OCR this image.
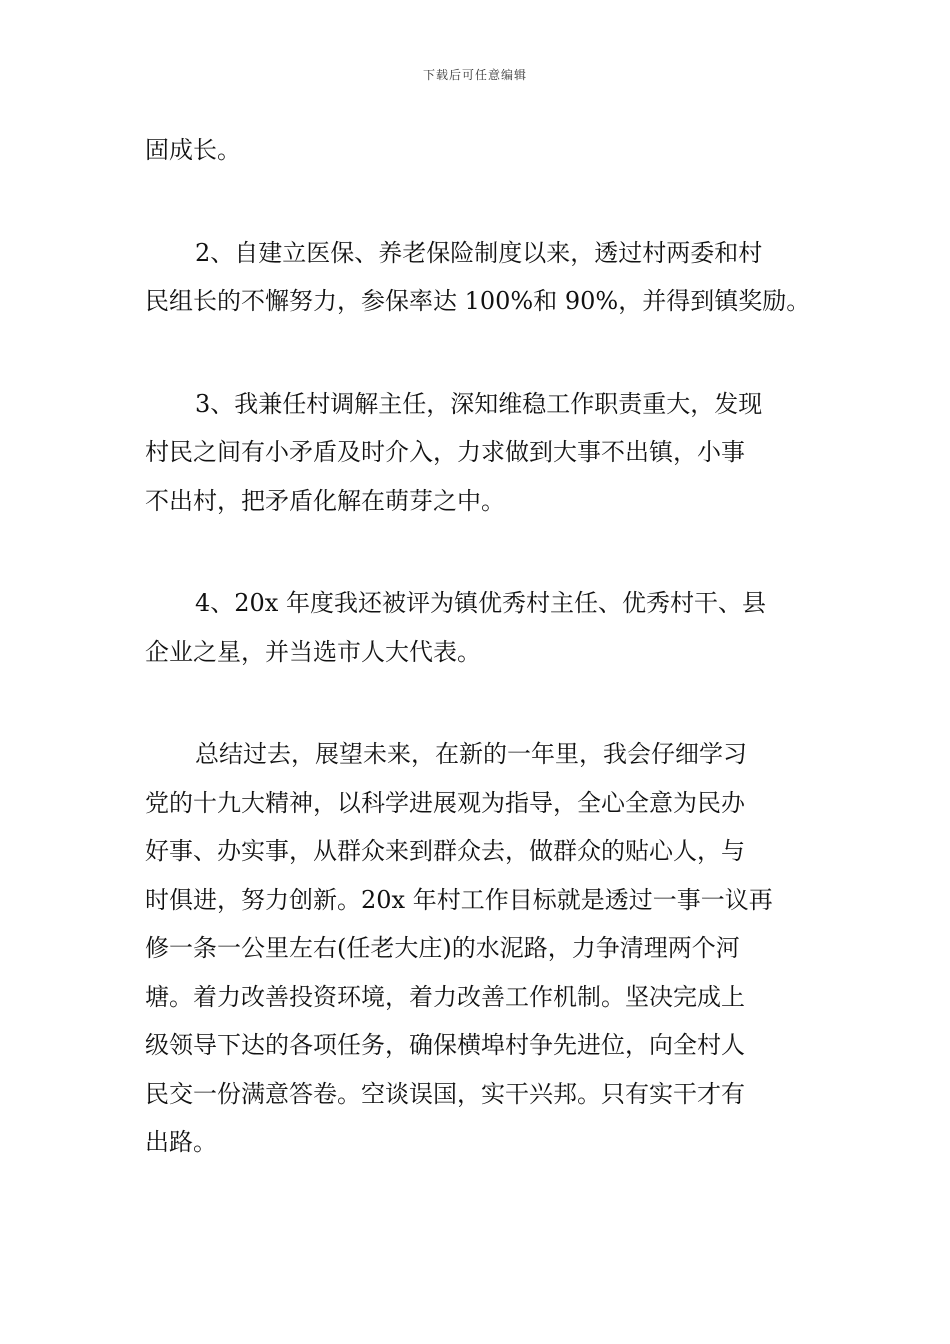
下载后可任意编辑

固成长。

2、自建立医保、养老保险制度以来，透过村两委和村
民组长的不懈努力，参保率达 100%和 90%，并得到镇奖励。

3、我兼任村调解主任，深知维稳工作职责重大，发现
村民之间有小矛盾及时介入，力求做到大事不出镇，小事
不出村，把矛盾化解在萌芽之中。

4、20x 年度我还被评为镇优秀村主任、优秀村干、县
企业之星，并当选市人大代表。

总结过去，展望未来，在新的一年里，我会仔细学习
党的十九大精神，以科学进展观为指导，全心全意为民办
好事、办实事，从群众来到群众去，做群众的贴心人，与
时俱进，努力创新。20x 年村工作目标就是透过一事一议再
修一条一公里左右(任老大庄)的水泥路，力争清理两个河
塘。着力改善投资环境，着力改善工作机制。坚决完成上
级领导下达的各项任务，确保横埠村争先进位，向全村人
民交一份满意答卷。空谈误国，实干兴邦。只有实干才有
出路。
